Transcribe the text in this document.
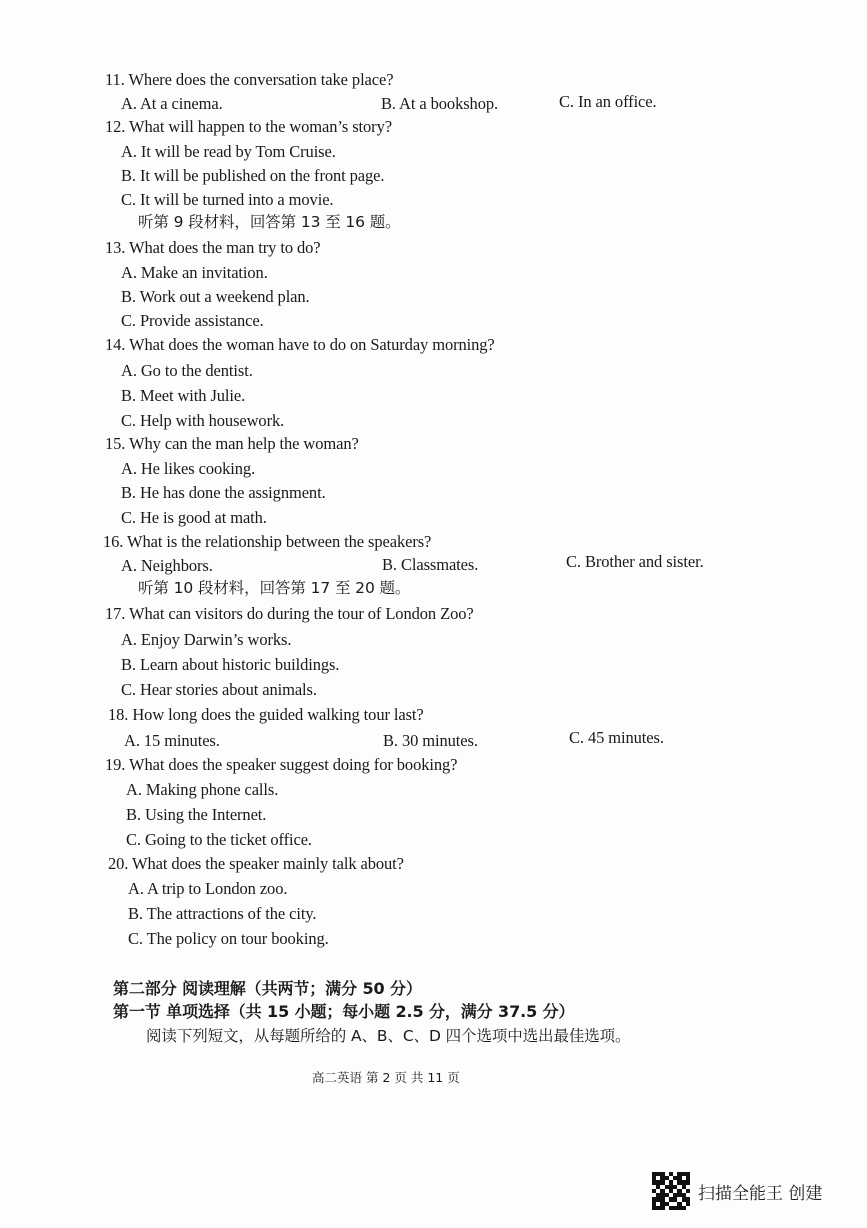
11. Where does the conversation take place?
A. At a cinema.	B. At a bookshop.	C. In an office.
12. What will happen to the woman’s story?
A. It will be read by Tom Cruise.
B. It will be published on the front page.
C. It will be turned into a movie.
听第 9 段材料，回答第 13 至 16 题。
13. What does the man try to do?
A. Make an invitation.
B. Work out a weekend plan.
C. Provide assistance.
14. What does the woman have to do on Saturday morning?
A. Go to the dentist.
B. Meet with Julie.
C. Help with housework.
15. Why can the man help the woman?
A. He likes cooking.
B. He has done the assignment.
C. He is good at math.
16. What is the relationship between the speakers?
A. Neighbors.	B. Classmates.	C. Brother and sister.
听第 10 段材料，回答第 17 至 20 题。
17. What can visitors do during the tour of London Zoo?
A. Enjoy Darwin’s works.
B. Learn about historic buildings.
C. Hear stories about animals.
18. How long does the guided walking tour last?
A. 15 minutes.	B. 30 minutes.	C. 45 minutes.
19. What does the speaker suggest doing for booking?
A. Making phone calls.
B. Using the Internet.
C. Going to the ticket office.
20. What does the speaker mainly talk about?
A. A trip to London zoo.
B. The attractions of the city.
C. The policy on tour booking.
第二部分 阅读理解（共两节；满分 50 分）
第一节 单项选择（共 15 小题；每小题 2.5 分，满分 37.5 分）
阅读下列短文，从每题所给的 A、B、C、D 四个选项中选出最佳选项。
高二英语 第 2 页 共 11 页
扫描全能王 创建
